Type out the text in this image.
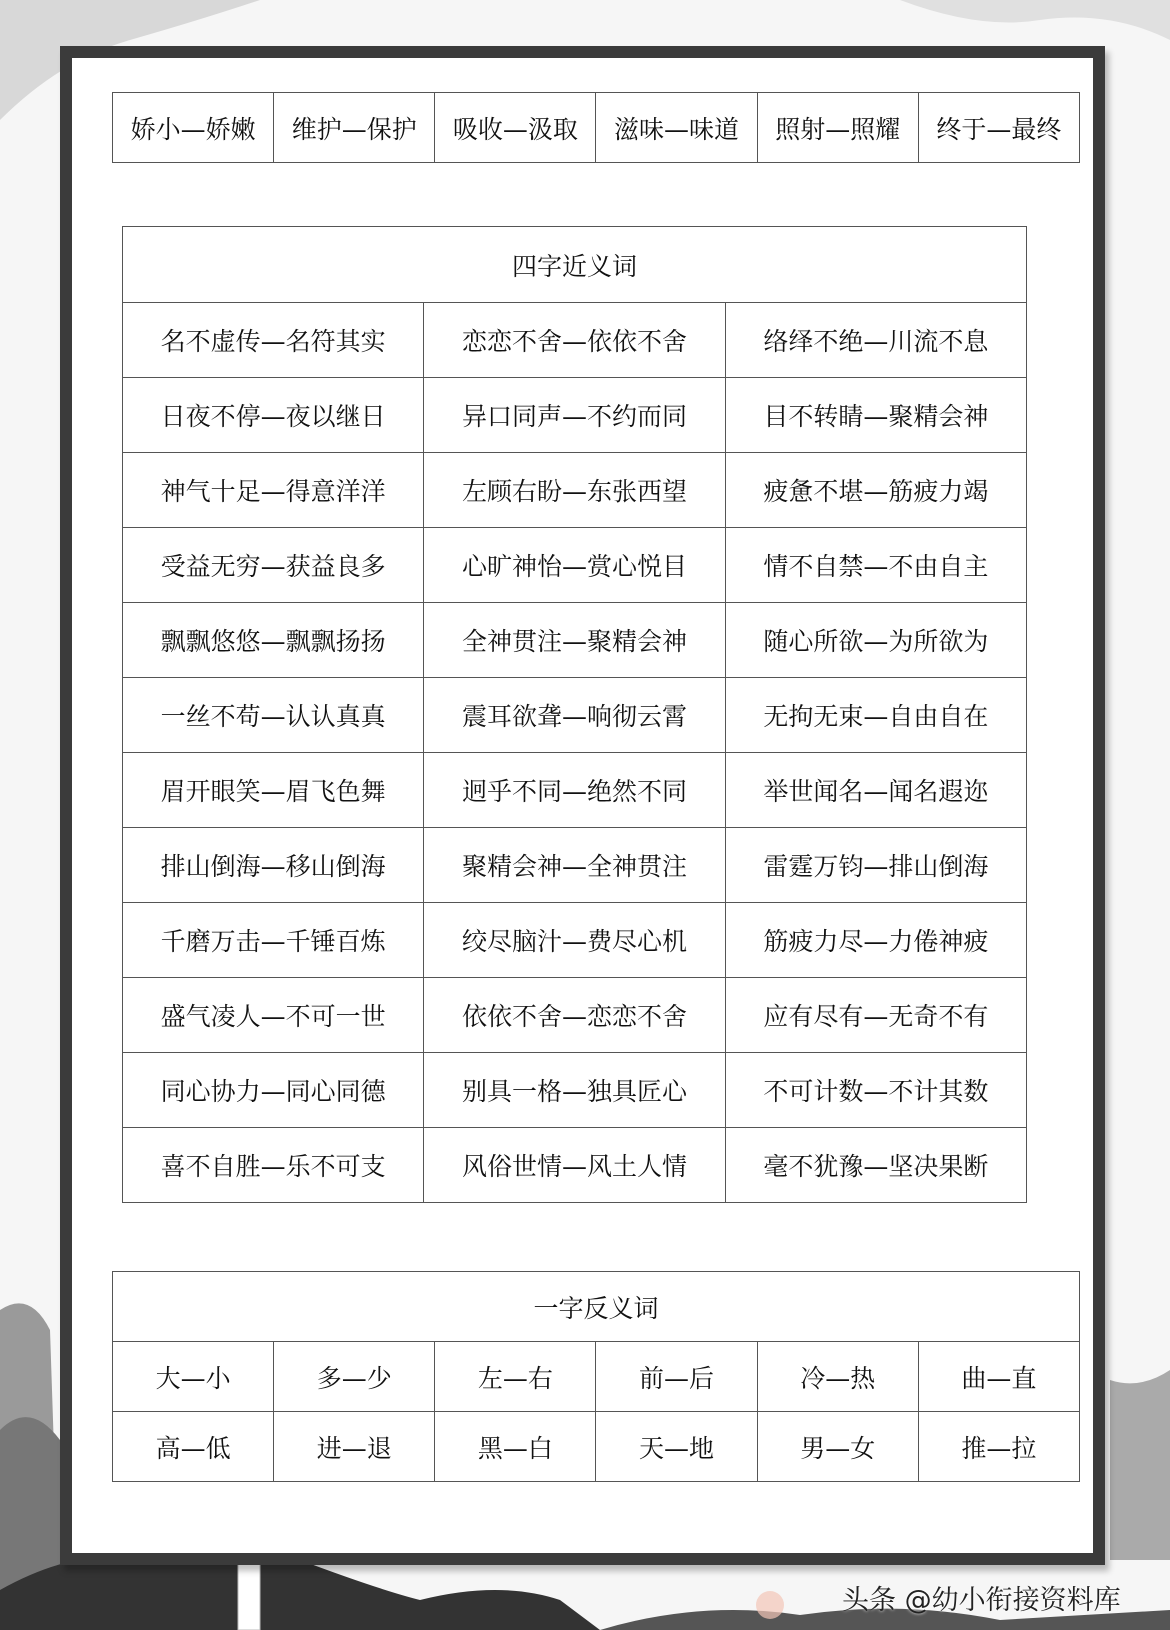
娇小—娇嫩	维护—保护	吸收—汲取	滋味—味道	照射—照耀	终于—最终
四字近义词		
名不虚传—名符其实	恋恋不舍—依依不舍	络绎不绝—川流不息
日夜不停—夜以继日	异口同声—不约而同	目不转睛—聚精会神
神气十足—得意洋洋	左顾右盼—东张西望	疲惫不堪—筋疲力竭
受益无穷—获益良多	心旷神怡—赏心悦目	情不自禁—不由自主
飘飘悠悠—飘飘扬扬	全神贯注—聚精会神	随心所欲—为所欲为
一丝不苟—认认真真	震耳欲聋—响彻云霄	无拘无束—自由自在
眉开眼笑—眉飞色舞	迥乎不同—绝然不同	举世闻名—闻名遐迩
排山倒海—移山倒海	聚精会神—全神贯注	雷霆万钧—排山倒海
千磨万击—千锤百炼	绞尽脑汁—费尽心机	筋疲力尽—力倦神疲
盛气凌人—不可一世	依依不舍—恋恋不舍	应有尽有—无奇不有
同心协力—同心同德	别具一格—独具匠心	不可计数—不计其数
喜不自胜—乐不可支	风俗世情—风土人情	毫不犹豫—坚决果断
一字反义词					
大—小	多—少	左—右	前—后	冷—热	曲—直
高—低	进—退	黑—白	天—地	男—女	推—拉
头条 @幼小衔接资料库
